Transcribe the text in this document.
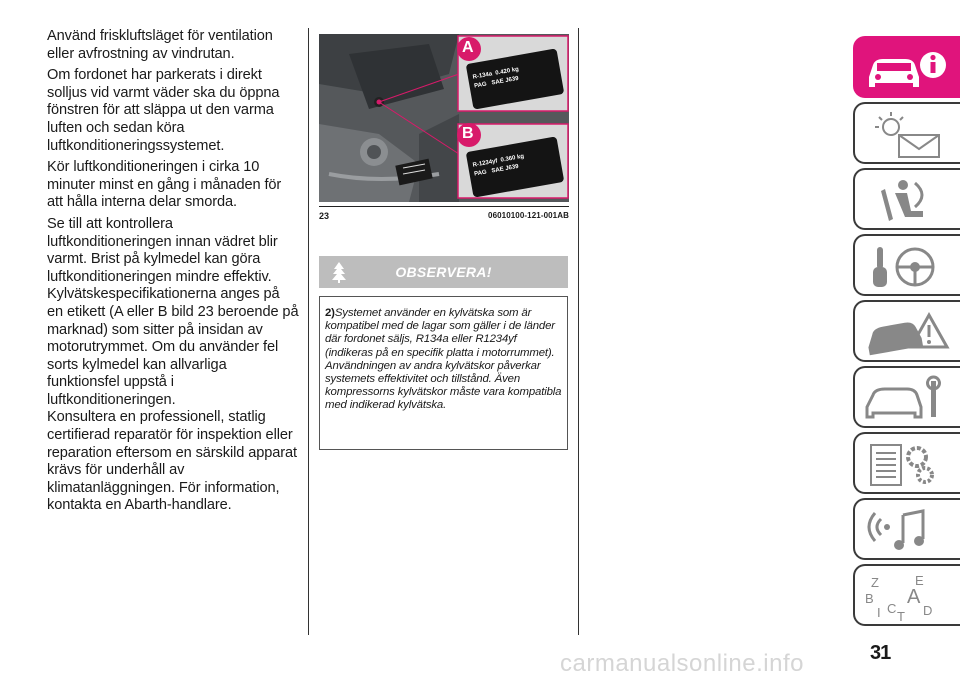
Använd friskluftsläget för ventilation eller avfrostning av vindrutan.

Om fordonet har parkerats i direkt solljus vid varmt väder ska du öppna fönstren för att släppa ut den varma luften och sedan köra luftkonditioneringssystemet.

Kör luftkonditioneringen i cirka 10 minuter minst en gång i månaden för att hålla interna delar smorda.

Se till att kontrollera luftkonditioneringen innan vädret blir varmt. Brist på kylmedel kan göra luftkonditioneringen mindre effektiv.

Kylvätskespecifikationerna anges på en etikett (A eller B bild 23 beroende på marknad) som sitter på insidan av motorutrymmet. Om du använder fel sorts kylmedel kan allvarliga funktionsfel uppstå i luftkonditioneringen.

Konsultera en professionell, statlig certifierad reparatör för inspektion eller reparation eftersom en särskild apparat krävs för underhåll av klimatanläggningen. För information, kontakta en Abarth-handlare.

A
B
R-134a 0.420 kg
PAG SAE J639
R-1234yf 0.360 kg
PAG SAE J639
23	06010100-121-001AB
OBSERVERA!
2)Systemet använder en kylvätska som är kompatibel med de lagar som gäller i de länder där fordonet säljs, R134a eller R1234yf (indikeras på en specifik platta i motorrummet). Användningen av andra kylvätskor påverkar systemets effektivitet och tillstånd. Även kompressorns kylvätskor måste vara kompatibla med indikerad kylvätska.
Z	E
B A
I C
T D
31
carmanualsonline.info
